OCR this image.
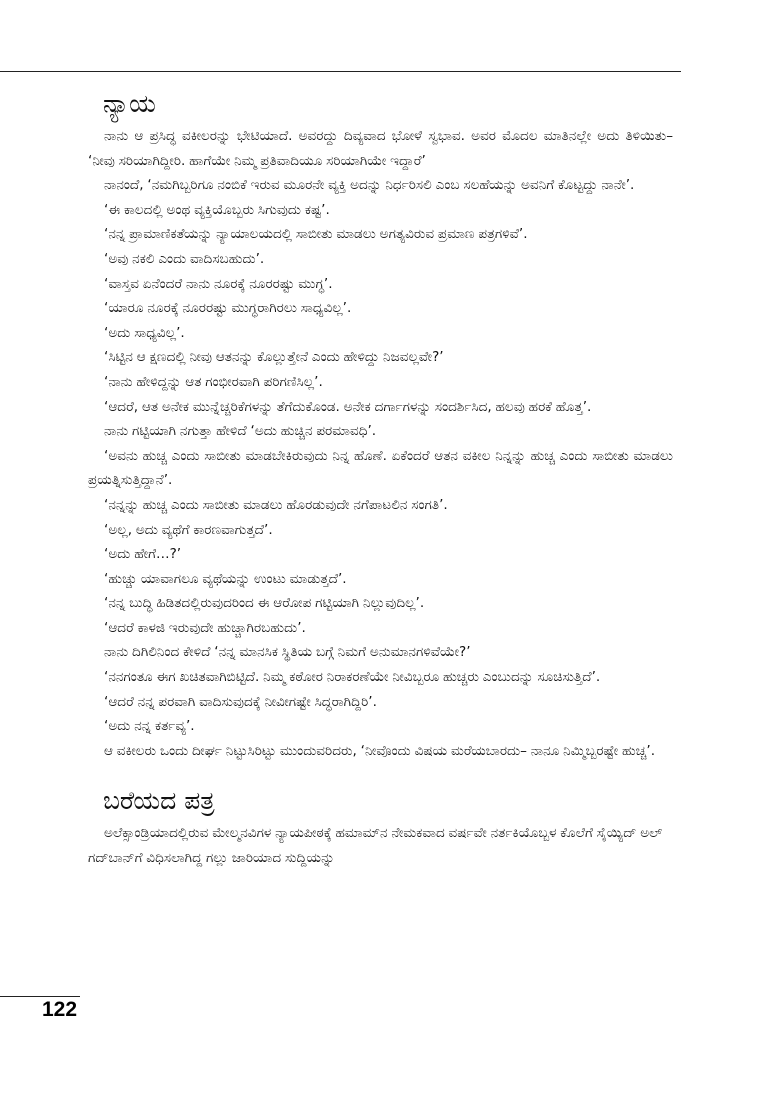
ನ್ಯಾಯ

ನಾನು ಆ ಪ್ರಸಿದ್ಧ ವಕೀಲರನ್ನು ಭೇಟಿಯಾದೆ. ಅವರದ್ದು ದಿವ್ಯವಾದ ಭೋಳೆ ಸ್ವಭಾವ. ಅವರ ಮೊದಲ ಮಾತಿನಲ್ಲೇ ಅದು ತಿಳಿಯಿತು– ‘ನೀವು ಸರಿಯಾಗಿದ್ದೀರಿ. ಹಾಗೆಯೇ ನಿಮ್ಮ ಪ್ರತಿವಾದಿಯೂ ಸರಿಯಾಗಿಯೇ ಇದ್ದಾರೆ’

ನಾನಂದೆ, ‘ನಮಗಿಬ್ಬರಿಗೂ ನಂಬಿಕೆ ಇರುವ ಮೂರನೇ ವ್ಯಕ್ತಿ ಅದನ್ನು ನಿರ್ಧರಿಸಲಿ ಎಂಬ ಸಲಹೆಯನ್ನು ಅವನಿಗೆ ಕೊಟ್ಟದ್ದು ನಾನೇ’.

‘ಈ ಕಾಲದಲ್ಲಿ ಅಂಥ ವ್ಯಕ್ತಿಯೊಬ್ಬರು ಸಿಗುವುದು ಕಷ್ಟ’.

‘ನನ್ನ ಪ್ರಾಮಾಣಿಕತೆಯನ್ನು ನ್ಯಾಯಾಲಯದಲ್ಲಿ ಸಾಬೀತು ಮಾಡಲು ಅಗತ್ಯವಿರುವ ಪ್ರಮಾಣ ಪತ್ರಗಳಿವೆ’.

‘ಅವು ನಕಲಿ ಎಂದು ವಾದಿಸಬಹುದು’.

‘ವಾಸ್ತವ ಏನೆಂದರೆ ನಾನು ನೂರಕ್ಕೆ ನೂರರಷ್ಟು ಮುಗ್ಧ’.

‘ಯಾರೂ ನೂರಕ್ಕೆ ನೂರರಷ್ಟು ಮುಗ್ಧರಾಗಿರಲು ಸಾಧ್ಯವಿಲ್ಲ’.

‘ಅದು ಸಾಧ್ಯವಿಲ್ಲ’.

‘ಸಿಟ್ಟಿನ ಆ ಕ್ಷಣದಲ್ಲಿ ನೀವು ಆತನನ್ನು ಕೊಲ್ಲುತ್ತೇನೆ ಎಂದು ಹೇಳಿದ್ದು ನಿಜವಲ್ಲವೇ?’

‘ನಾನು ಹೇಳಿದ್ದನ್ನು ಆತ ಗಂಭೀರವಾಗಿ ಪರಿಗಣಿಸಿಲ್ಲ’.

‘ಆದರೆ, ಆತ ಅನೇಕ ಮುನ್ನೆಚ್ಚರಿಕೆಗಳನ್ನು ತೆಗೆದುಕೊಂಡ. ಅನೇಕ ದರ್ಗಾಗಳನ್ನು ಸಂದರ್ಶಿಸಿದ, ಹಲವು ಹರಕೆ ಹೊತ್ತ’.

ನಾನು ಗಟ್ಟಿಯಾಗಿ ನಗುತ್ತಾ ಹೇಳಿದೆ ‘ಅದು ಹುಚ್ಚಿನ ಪರಮಾವಧಿ’.

‘ಅವನು ಹುಚ್ಚ ಎಂದು ಸಾಬೀತು ಮಾಡಬೇಕಿರುವುದು ನಿನ್ನ ಹೊಣೆ. ಏಕೆಂದರೆ ಆತನ ವಕೀಲ ನಿನ್ನನ್ನು ಹುಚ್ಚ ಎಂದು ಸಾಬೀತು ಮಾಡಲು ಪ್ರಯತ್ನಿಸುತ್ತಿದ್ದಾನೆ’.

‘ನನ್ನನ್ನು ಹುಚ್ಚ ಎಂದು ಸಾಬೀತು ಮಾಡಲು ಹೊರಡುವುದೇ ನಗೆಪಾಟಲಿನ ಸಂಗತಿ’.

‘ಅಲ್ಲ, ಅದು ವ್ಯಥೆಗೆ ಕಾರಣವಾಗುತ್ತದೆ’.

‘ಅದು ಹೇಗೆ…?’

‘ಹುಚ್ಚು ಯಾವಾಗಲೂ ವ್ಯಥೆಯನ್ನು ಉಂಟು ಮಾಡುತ್ತದೆ’.

‘ನನ್ನ ಬುದ್ಧಿ ಹಿಡಿತದಲ್ಲಿರುವುದರಿಂದ ಈ ಆರೋಪ ಗಟ್ಟಿಯಾಗಿ ನಿಲ್ಲುವುದಿಲ್ಲ’.

‘ಆದರೆ ಕಾಳಜಿ ಇರುವುದೇ ಹುಚ್ಚಾಗಿರಬಹುದು’.

ನಾನು ದಿಗಿಲಿನಿಂದ ಕೇಳಿದೆ ‘ನನ್ನ ಮಾನಸಿಕ ಸ್ಥಿತಿಯ ಬಗ್ಗೆ ನಿಮಗೆ ಅನುಮಾನಗಳಿವೆಯೇ?’

‘ನನಗಂತೂ ಈಗ ಖಚಿತವಾಗಿಬಿಟ್ಟಿದೆ. ನಿಮ್ಮ ಕಠೋರ ನಿರಾಕರಣೆಯೇ ನೀವಿಬ್ಬರೂ ಹುಚ್ಚರು ಎಂಬುದನ್ನು ಸೂಚಿಸುತ್ತಿದೆ’.

‘ಆದರೆ ನನ್ನ ಪರವಾಗಿ ವಾದಿಸುವುದಕ್ಕೆ ನೀವೀಗಷ್ಟೇ ಸಿದ್ಧರಾಗಿದ್ದಿರಿ’.

‘ಅದು ನನ್ನ ಕರ್ತವ್ಯ’.

ಆ ವಕೀಲರು ಒಂದು ದೀರ್ಘ ನಿಟ್ಟುಸಿರಿಟ್ಟು ಮುಂದುವರಿದರು, ‘ನೀವೊಂದು ವಿಷಯ ಮರೆಯಬಾರದು– ನಾನೂ ನಿಮ್ಮಿಬ್ಬರಷ್ಟೇ ಹುಚ್ಚ’.

ಬರೆಯದ ಪತ್ರ

ಅಲೆಕ್ಸಾಂಡ್ರಿಯಾದಲ್ಲಿರುವ ಮೇಲ್ಮನವಿಗಳ ನ್ಯಾಯಪೀಠಕ್ಕೆ ಹಮಾಮ್‌ನ ನೇಮಕವಾದ ವರ್ಷವೇ ನರ್ತಕಿಯೊಬ್ಬಳ ಕೊಲೆಗೆ ಸೈಯ್ಯಿದ್ ಅಲ್ ಗದ್‌ಬಾನ್‌ಗೆ ವಿಧಿಸಲಾಗಿದ್ದ ಗಲ್ಲು ಜಾರಿಯಾದ ಸುದ್ದಿಯನ್ನು

122
